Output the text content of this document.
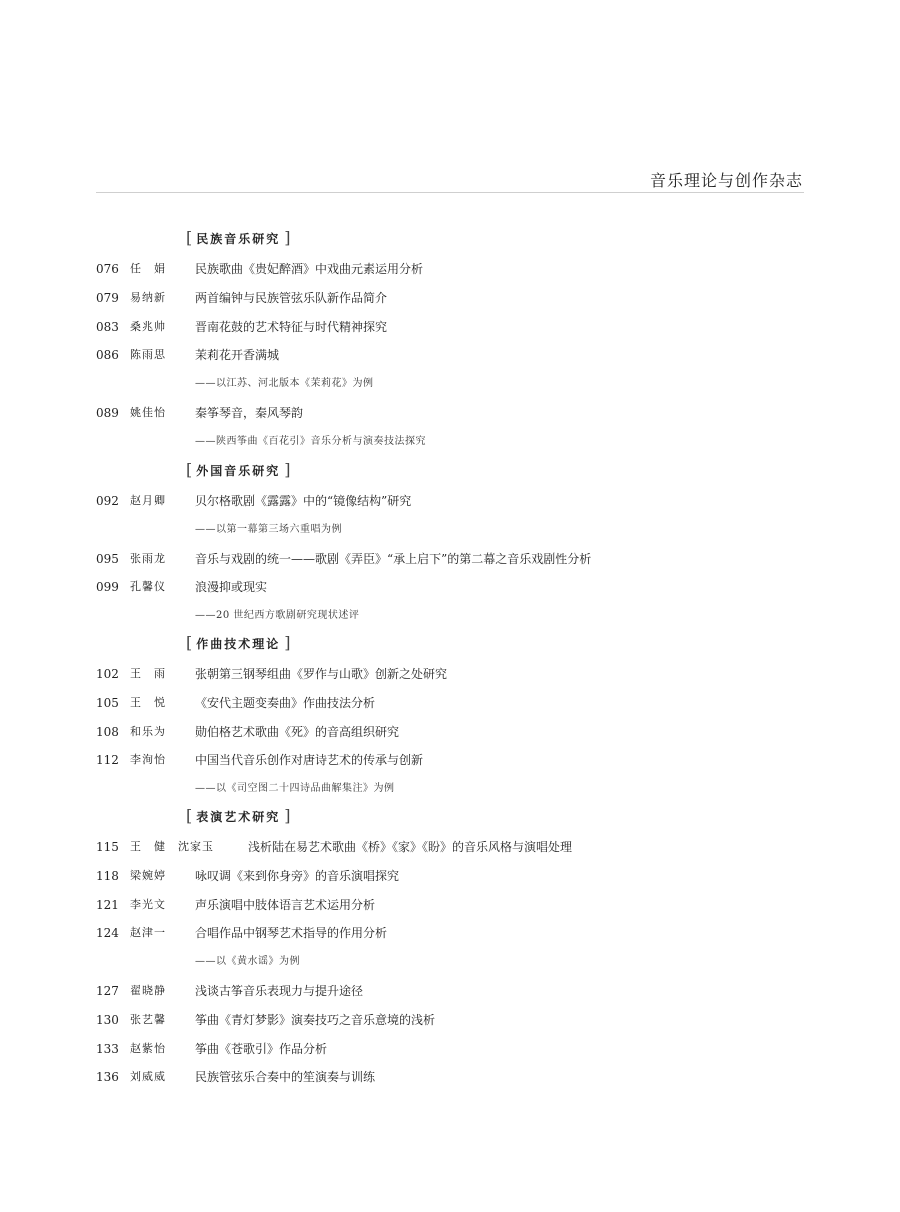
音乐理论与创作杂志
[ 民族音乐研究 ]
076	任　娟	民族歌曲《贵妃醉酒》中戏曲元素运用分析
079	易纳新	两首编钟与民族管弦乐队新作品简介
083	桑兆帅	晋南花鼓的艺术特征与时代精神探究
086	陈雨思	茉莉花开香满城
——以江苏、河北版本《茉莉花》为例
089	姚佳怡	秦筝琴音，秦风琴韵
——陕西筝曲《百花引》音乐分析与演奏技法探究
[ 外国音乐研究 ]
092	赵月卿	贝尔格歌剧《露露》中的“镜像结构”研究
——以第一幕第三场六重唱为例
095	张雨龙	音乐与戏剧的统一——歌剧《弄臣》“承上启下”的第二幕之音乐戏剧性分析
099	孔馨仪	浪漫抑或现实
——20 世纪西方歌剧研究现状述评
[ 作曲技术理论 ]
102	王　雨	张朝第三钢琴组曲《罗作与山歌》创新之处研究
105	王　悦	《安代主题变奏曲》作曲技法分析
108	和乐为	勋伯格艺术歌曲《死》的音高组织研究
112	李洵怡	中国当代音乐创作对唐诗艺术的传承与创新
——以《司空图二十四诗品曲解集注》为例
[ 表演艺术研究 ]
115	王　健　沈家玉	浅析陆在易艺术歌曲《桥》《家》《盼》的音乐风格与演唱处理
118	梁婉婷	咏叹调《来到你身旁》的音乐演唱探究
121	李光文	声乐演唱中肢体语言艺术运用分析
124	赵津一	合唱作品中钢琴艺术指导的作用分析
——以《黄水谣》为例
127	翟晓静	浅谈古筝音乐表现力与提升途径
130	张艺馨	筝曲《青灯梦影》演奏技巧之音乐意境的浅析
133	赵紫怡	筝曲《苍歌引》作品分析
136	刘威威	民族管弦乐合奏中的笙演奏与训练
